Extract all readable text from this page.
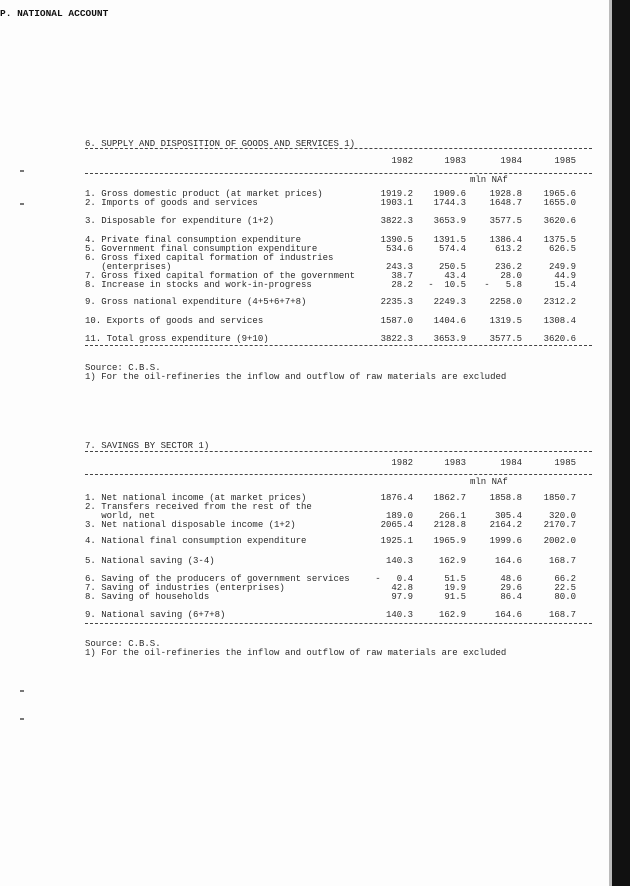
P. NATIONAL ACCOUNT
6. SUPPLY AND DISPOSITION OF GOODS AND SERVICES 1)
1982	1983	1984	1985
mln NAf
1. Gross domestic product (at market prices)	1919.2	1909.6	1928.8	1965.6
2. Imports of goods and services	1903.1	1744.3	1648.7	1655.0
3. Disposable for expenditure (1+2)	3822.3	3653.9	3577.5	3620.6
4. Private final consumption expenditure	1390.5	1391.5	1386.4	1375.5
5. Government final consumption expenditure	534.6	574.4	613.2	626.5
6. Gross fixed capital formation of industries
(enterprises)	243.3	250.5	236.2	249.9
7. Gross fixed capital formation of the government	38.7	43.4	28.0	44.9
8. Increase in stocks and work-in-progress	28.2	-  10.5	-   5.8	15.4
9. Gross national expenditure (4+5+6+7+8)	2235.3	2249.3	2258.0	2312.2
10. Exports of goods and services	1587.0	1404.6	1319.5	1308.4
11. Total gross expenditure (9+10)	3822.3	3653.9	3577.5	3620.6
Source: C.B.S.
1) For the oil-refineries the inflow and outflow of raw materials are excluded
7. SAVINGS BY SECTOR 1)
1982	1983	1984	1985
mln NAf
1. Net national income (at market prices)	1876.4	1862.7	1858.8	1850.7
2. Transfers received from the rest of the
world, net	189.0	266.1	305.4	320.0
3. Net national disposable income (1+2)	2065.4	2128.8	2164.2	2170.7
4. National final consumption expenditure	1925.1	1965.9	1999.6	2002.0
5. National saving (3-4)	140.3	162.9	164.6	168.7
6. Saving of the producers of government services	-   0.4	51.5	48.6	66.2
7. Saving of industries (enterprises)	42.8	19.9	29.6	22.5
8. Saving of households	97.9	91.5	86.4	80.0
9. National saving (6+7+8)	140.3	162.9	164.6	168.7
Source: C.B.S.
1) For the oil-refineries the inflow and outflow of raw materials are excluded
